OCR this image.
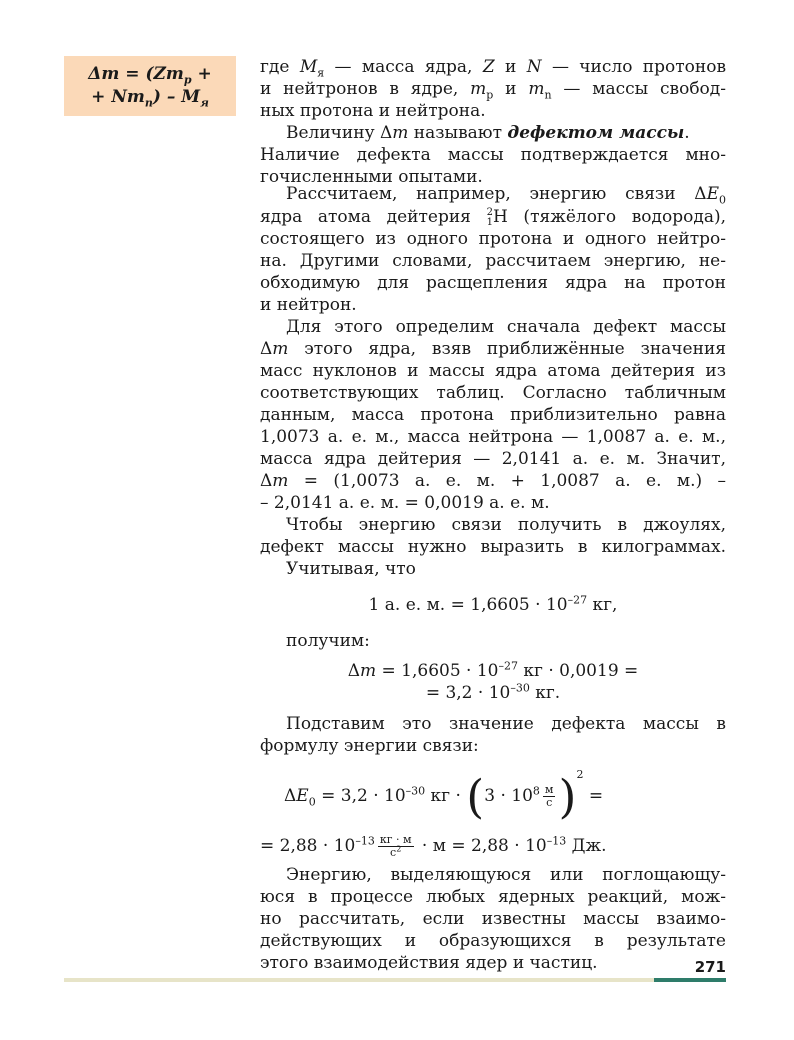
$\Delta m = (Zm_p$ +
+ $Nm_n) - M_я$
где $M_я$ — масса ядра, Z и N — число протонов
и нейтронов в ядре, $m_p$ и $m_n$ — массы свобод-
ных протона и нейтрона.
Величину Δm называют дефектом массы.
Наличие дефекта массы подтверждается мно-
гочисленными опытами.
Рассчитаем, например, энергию связи $\Delta E_0$
ядра атома дейтерия 2
1 H (тяжёлого водорода),
состоящего из одного протона и одного нейтро-
на. Другими словами, рассчитаем энергию, не-
обходимую для расщепления ядра на протон
и нейтрон.
Для этого определим сначала дефект массы
Δm этого ядра, взяв приближённые значения
масс нуклонов и массы ядра атома дейтерия из
соответствующих таблиц. Согласно табличным
данным, масса протона приблизительно равна
1,0073 а. е. м., масса нейтрона — 1,0087 а. е. м.,
масса ядра дейтерия — 2,0141 а. е. м. Значит,
Δm = (1,0073 а. е. м. + 1,0087 а. е. м.) –
– 2,0141 а. е. м. = 0,0019 а. е. м.
Чтобы энергию связи получить в джоулях,
дефект массы нужно выразить в килограммах.
Учитывая, что
1 а. е. м. = $1,6605 \cdot 10^{-27}$ кг,
получим:
$\Delta m = 1,6605 \cdot 10^{-27}$ кг · 0,0019 =
= $3,2 \cdot 10^{-30}$ кг.
Подставим это значение дефекта массы в
формулу энергии связи:
$\Delta E_0 = 3,2 \cdot 10^{-30}$ кг · $(3 \cdot 10^8 \frac{м}{с} )^2$ =
= $2,88 \cdot 10^{-13} \frac{кг \cdot м}{с^2} \cdot м = 2,88 \cdot 10^{-13}$ Дж.
Энергию, выделяющуюся или поглощающу-
юся в процессе любых ядерных реакций, мож-
но рассчитать, если известны массы взаимо-
действующих и образующихся в результате
этого взаимодействия ядер и частиц.	271
